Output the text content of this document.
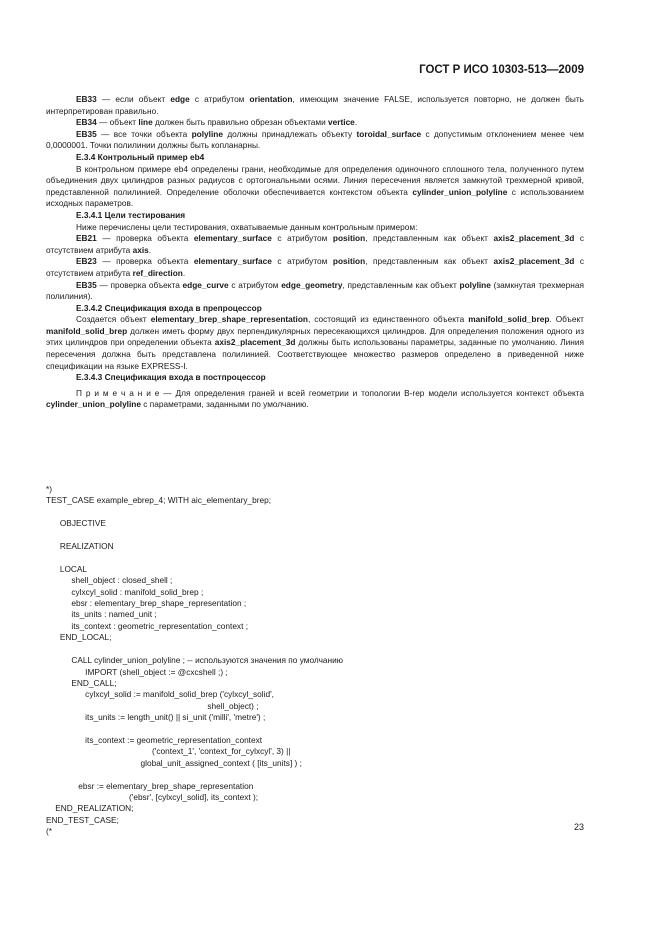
ГОСТ Р ИСО 10303-513—2009
EB33 — если объект edge с атрибутом orientation, имеющим значение FALSE, используется повторно, не должен быть интерпретирован правильно.
EB34 — объект line должен быть правильно обрезан объектами vertice.
EB35 — все точки объекта polyline должны принадлежать объекту toroidal_surface с допустимым отклонением менее чем 0,0000001. Точки полилинии должны быть копланарны.
E.3.4 Контрольный пример eb4
В контрольном примере eb4 определены грани, необходимые для определения одиночного сплошного тела, полученного путем объединения двух цилиндров разных радиусов с ортогональными осями. Линия пересечения является замкнутой трехмерной кривой, представленной полилинией. Определение оболочки обеспечивается контекстом объекта cylinder_union_polyline с использованием исходных параметров.
E.3.4.1 Цели тестирования
Ниже перечислены цели тестирования, охватываемые данным контрольным примером:
EB21 — проверка объекта elementary_surface с атрибутом position, представленным как объект axis2_placement_3d с отсутствием атрибута axis.
EB23 — проверка объекта elementary_surface с атрибутом position, представленным как объект axis2_placement_3d с отсутствием атрибута ref_direction.
EB35 — проверка объекта edge_curve с атрибутом edge_geometry, представленным как объект polyline (замкнутая трехмерная полилиния).
E.3.4.2 Спецификация входа в препроцессор
Создается объект elementary_brep_shape_representation, состоящий из единственного объекта manifold_solid_brep. Объект manifold_solid_brep должен иметь форму двух перпендикулярных пересекающихся цилиндров. Для определения положения одного из этих цилиндров при определении объекта axis2_placement_3d должны быть использованы параметры, заданные по умолчанию. Линия пересечения должна быть представлена полилинией. Соответствующее множество размеров определено в приведенной ниже спецификации на языке EXPRESS-I.
E.3.4.3 Спецификация входа в постпроцессор
П р и м е ч а н и е — Для определения граней и всей геометрии и топологии B-rep модели используется контекст объекта cylinder_union_polyline с параметрами, заданными по умолчанию.
*)
TEST_CASE example_ebrep_4; WITH aic_elementary_brep;

OBJECTIVE

REALIZATION

LOCAL
shell_object : closed_shell ;
cylxcyl_solid : manifold_solid_brep ;
ebsr : elementary_brep_shape_representation ;
its_units : named_unit ;
its_context : geometric_representation_context ;
END_LOCAL;

CALL cylinder_union_polyline ; -- используются значения по умолчанию
IMPORT (shell_object := @cxcshell ;) ;
END_CALL;
cylxcyl_solid := manifold_solid_brep ('cylxcyl_solid',
shell_object) ;
its_units := length_unit() || si_unit ('milli', 'metre') ;

its_context := geometric_representation_context
('context_1', 'context_for_cylxcyl', 3) ||
global_unit_assigned_context ( [its_units] ) ;

ebsr := elementary_brep_shape_representation
('ebsr', [cylxcyl_solid], its_context );
END_REALIZATION;
END_TEST_CASE;
(*	23
